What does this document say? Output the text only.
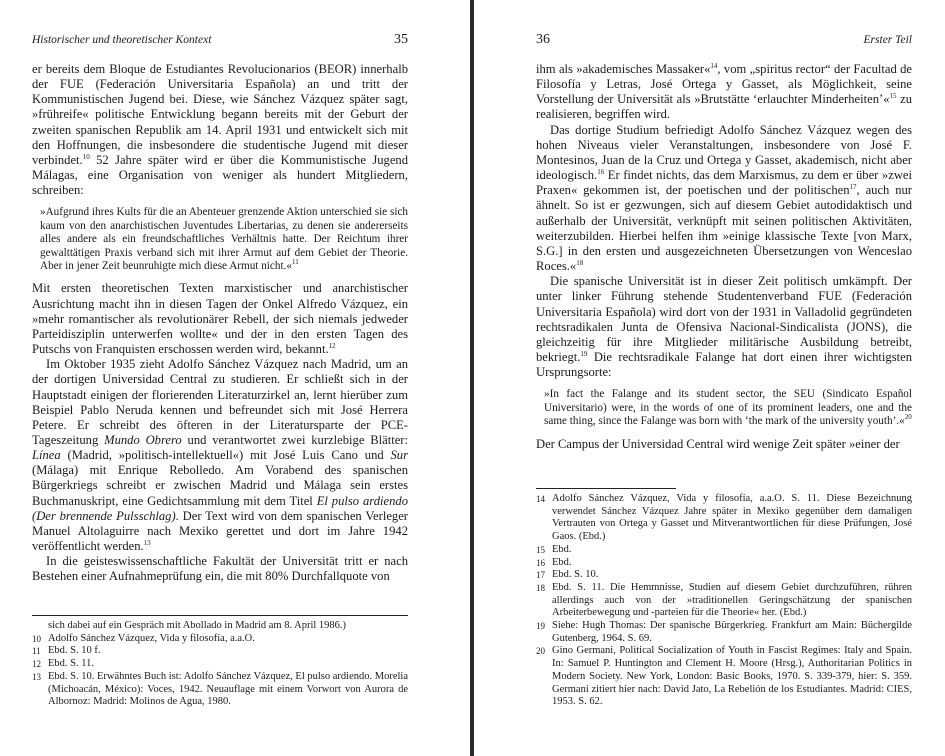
Historischer und theoretischer Kontext	35

er bereits dem Bloque de Estudiantes Revolucionarios (BEOR) innerhalb der FUE (Federación Universitaria Española) an und tritt der Kommunistischen Jugend bei. Diese, wie Sánchez Vázquez später sagt, »frühreife« politische Entwicklung begann bereits mit der Geburt der zweiten spanischen Republik am 14. April 1931 und entwickelt sich mit den Hoffnungen, die insbesondere die studentische Jugend mit dieser verbindet.$^{10}$ 52 Jahre später wird er über die Kommunistische Jugend Málagas, eine Organisation von weniger als hundert Mitgliedern, schreiben:

»Aufgrund ihres Kults für die an Abenteuer grenzende Aktion unterschied sie sich kaum von den anarchistischen Juventudes Libertarias, zu denen sie andererseits alles andere als ein freundschaftliches Verhältnis hatte. Der Reichtum ihrer gewalttätigen Praxis verband sich mit ihrer Armut auf dem Gebiet der Theorie. Aber in jener Zeit beunruhigte mich diese Armut nicht.«$^{11}$

Mit ersten theoretischen Texten marxistischer und anarchistischer Ausrichtung macht ihn in diesen Tagen der Onkel Alfredo Vázquez, ein »mehr romantischer als revolutionärer Rebell, der sich niemals jedweder Parteidisziplin unterwerfen wollte« und der in den ersten Tagen des Putschs von Franquisten erschossen werden wird, bekannt.$^{12}$

Im Oktober 1935 zieht Adolfo Sánchez Vázquez nach Madrid, um an der dortigen Universidad Central zu studieren. Er schließt sich in der Hauptstadt einigen der florierenden Literaturzirkel an, lernt hierüber zum Beispiel Pablo Neruda kennen und befreundet sich mit José Herrera Petere. Er schreibt des öfteren in der Literatursparte der PCE-Tageszeitung Mundo Obrero und verantwortet zwei kurzlebige Blätter: Línea (Madrid, »politisch-intellektuell«) mit José Luis Cano und Sur (Málaga) mit Enrique Rebolledo. Am Vorabend des spanischen Bürgerkriegs schreibt er zwischen Madrid und Málaga sein erstes Buchmanuskript, eine Gedichtsammlung mit dem Titel El pulso ardiendo (Der brennende Pulsschlag). Der Text wird von dem spanischen Verleger Manuel Altolaguirre nach Mexiko gerettet und dort im Jahre 1942 veröffentlicht werden.$^{13}$

In die geisteswissenschaftliche Fakultät der Universität tritt er nach Bestehen einer Aufnahmeprüfung ein, die mit 80% Durchfallquote von

sich dabei auf ein Gespräch mit Abollado in Madrid am 8. April 1986.)
10 Adolfo Sánchez Vázquez, Vida y filosofía, a.a.O.
11 Ebd. S. 10 f.
12 Ebd. S. 11.
13 Ebd. S. 10. Erwähntes Buch ist: Adolfo Sánchez Vázquez, El pulso ardiendo. Morelia (Michoacán, México): Voces, 1942. Neuauflage mit einem Vorwort von Aurora de Albornoz: Madrid: Molinos de Agua, 1980.
36	Erster Teil

ihm als »akademisches Massaker«$^{14}$, vom „spiritus rector“ der Facultad de Filosofía y Letras, José Ortega y Gasset, als Möglichkeit, seine Vorstellung der Universität als »Brutstätte ‘erlauchter Minderheiten’«$^{15}$ zu realisieren, begriffen wird.

Das dortige Studium befriedigt Adolfo Sánchez Vázquez wegen des hohen Niveaus vieler Veranstaltungen, insbesondere von José F. Montesinos, Juan de la Cruz und Ortega y Gasset, akademisch, nicht aber ideologisch.$^{16}$ Er findet nichts, das dem Marxismus, zu dem er über »zwei Praxen« gekommen ist, der poetischen und der politischen$^{17}$, auch nur ähnelt. So ist er gezwungen, sich auf diesem Gebiet autodidaktisch und außerhalb der Universität, verknüpft mit seinen politischen Aktivitäten, weiterzubilden. Hierbei helfen ihm »einige klassische Texte [von Marx, S.G.] in den ersten und ausgezeichneten Übersetzungen von Wenceslao Roces.«$^{18}$

Die spanische Universität ist in dieser Zeit politisch umkämpft. Der unter linker Führung stehende Studentenverband FUE (Federación Universitaria Española) wird dort von der 1931 in Valladolid gegründeten rechtsradikalen Junta de Ofensiva Nacional-Sindicalista (JONS), die gleichzeitig für ihre Mitglieder militärische Ausbildung betreibt, bekriegt.$^{19}$ Die rechtsradikale Falange hat dort einen ihrer wichtigsten Ursprungsorte:

»In fact the Falange and its student sector, the SEU (Sindicato Español Universitario) were, in the words of one of its prominent leaders, one and the same thing, since the Falange was born with ‘the mark of the university youth’.«$^{20}$

Der Campus der Universidad Central wird wenige Zeit später »einer der

14 Adolfo Sánchez Vázquez, Vida y filosofía, a.a.O. S. 11. Diese Bezeichnung verwendet Sánchez Vázquez Jahre später in Mexiko gegenüber dem damaligen Vertrauten von Ortega y Gasset und Mitverantwortlichen für diese Prüfungen, José Gaos. (Ebd.)
15 Ebd.
16 Ebd.
17 Ebd. S. 10.
18 Ebd. S. 11. Die Hemmnisse, Studien auf diesem Gebiet durchzuführen, rühren allerdings auch von der »traditionellen Geringschätzung der spanischen Arbeiterbewegung und -parteien für die Theorie« her. (Ebd.)
19 Siehe: Hugh Thomas: Der spanische Bürgerkrieg. Frankfurt am Main: Büchergilde Gutenberg, 1964. S. 69.
20 Gino Germani, Political Socialization of Youth in Fascist Regimes: Italy and Spain. In: Samuel P. Huntington and Clement H. Moore (Hrsg.), Authoritarian Politics in Modern Society. New York, London: Basic Books, 1970. S. 339-379, hier: S. 359. Germani zitiert hier nach: David Jato, La Rebelión de los Estudiantes. Madrid: CIES, 1953. S. 62.
